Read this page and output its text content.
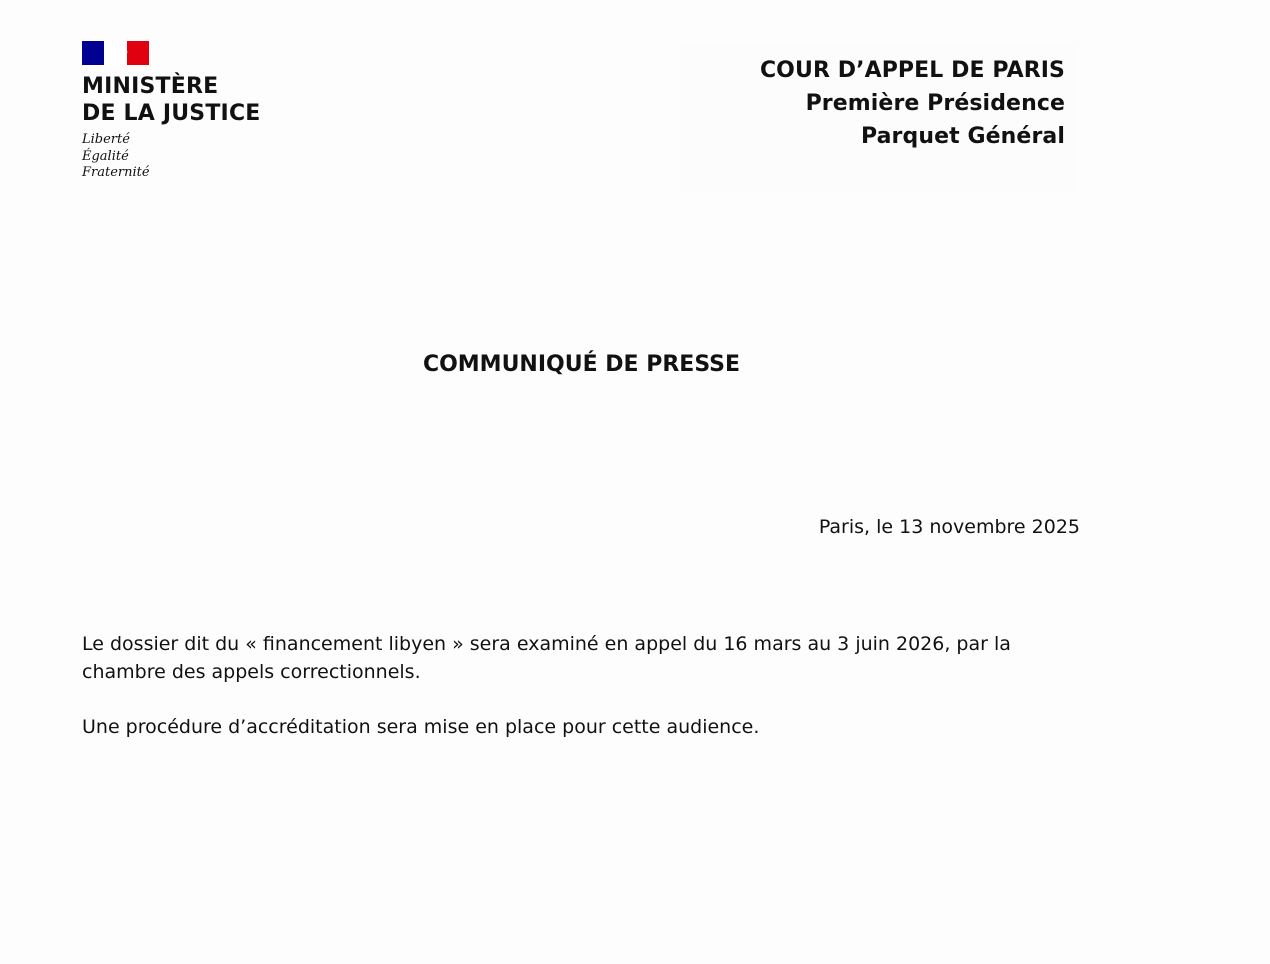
MINISTÈRE
DE LA JUSTICE
Liberté
Égalité
Fraternité
COUR D’APPEL DE PARIS
Première Présidence
Parquet Général
COMMUNIQUÉ DE PRESSE
Paris, le 13 novembre 2025

Le dossier dit du « financement libyen » sera examiné en appel du 16 mars au 3 juin 2026, par la chambre des appels correctionnels.

Une procédure d’accréditation sera mise en place pour cette audience.
